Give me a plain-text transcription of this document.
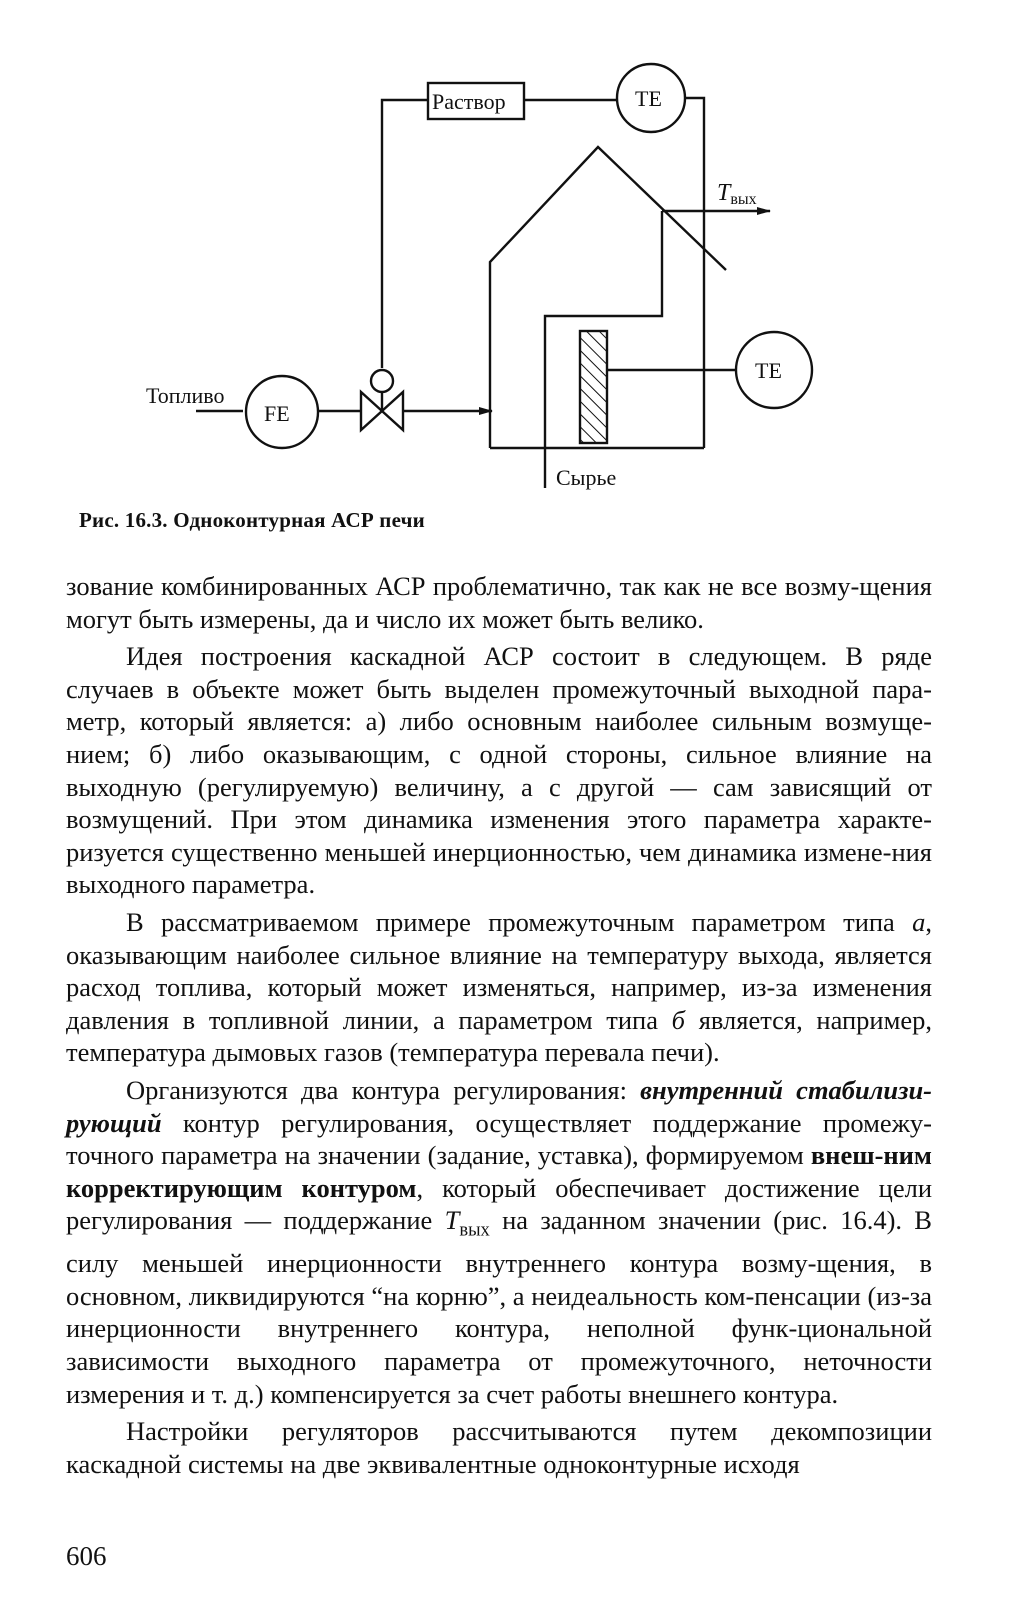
Раствор	TE
Tвых
Топливо
FE
TE
Сырье
Рис. 16.3. Одноконтурная АСР печи

зование комбинированных АСР проблематично, так как не все возму-щения могут быть измерены, да и число их может быть велико.

Идея построения каскадной АСР состоит в следующем. В ряде случаев в объекте может быть выделен промежуточный выходной пара-метр, который является: а) либо основным наиболее сильным возмуще-нием; б) либо оказывающим, с одной стороны, сильное влияние на выходную (регулируемую) величину, а с другой — сам зависящий от возмущений. При этом динамика изменения этого параметра характе-ризуется существенно меньшей инерционностью, чем динамика измене-ния выходного параметра.

В рассматриваемом примере промежуточным параметром типа а, оказывающим наиболее сильное влияние на температуру выхода, является расход топлива, который может изменяться, например, из-за изменения давления в топливной линии, а параметром типа б является, например, температура дымовых газов (температура перевала печи).

Организуются два контура регулирования: внутренний стабилизи-рующий контур регулирования, осуществляет поддержание промежу-точного параметра на значении (задание, уставка), формируемом внеш-ним корректирующим контуром, который обеспечивает достижение цели регулирования — поддержание $T_{вых}$ на заданном значении (рис. 16.4). В силу меньшей инерционности внутреннего контура возму-щения, в основном, ликвидируются “на корню”, а неидеальность ком-пенсации (из-за инерционности внутреннего контура, неполной функ-циональной зависимости выходного параметра от промежуточного, неточности измерения и т. д.) компенсируется за счет работы внешнего контура.

Настройки регуляторов рассчитываются путем декомпозиции каскадной системы на две эквивалентные одноконтурные исходя

606
